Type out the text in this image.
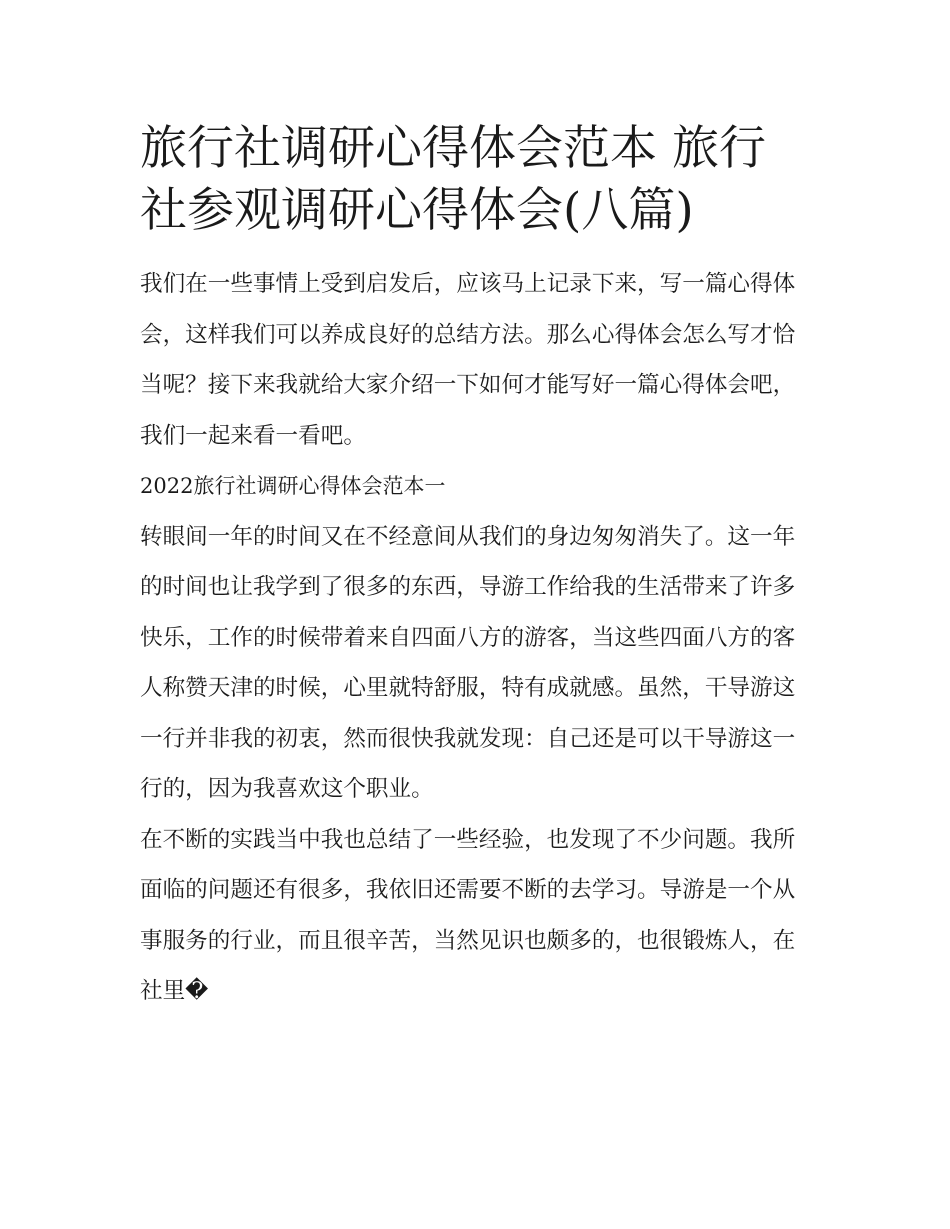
旅行社调研心得体会范本 旅行社参观调研心得体会(八篇)

我们在一些事情上受到启发后，应该马上记录下来，写一篇心得体会，这样我们可以养成良好的总结方法。那么心得体会怎么写才恰当呢？接下来我就给大家介绍一下如何才能写好一篇心得体会吧，我们一起来看一看吧。

2022旅行社调研心得体会范本一

转眼间一年的时间又在不经意间从我们的身边匆匆消失了。这一年的时间也让我学到了很多的东西，导游工作给我的生活带来了许多快乐，工作的时候带着来自四面八方的游客，当这些四面八方的客人称赞天津的时候，心里就特舒服，特有成就感。虽然，干导游这一行并非我的初衷，然而很快我就发现：自己还是可以干导游这一行的，因为我喜欢这个职业。

在不断的实践当中我也总结了一些经验，也发现了不少问题。我所面临的问题还有很多，我依旧还需要不断的去学习。导游是一个从事服务的行业，而且很辛苦，当然见识也颇多的，也很锻炼人，在社里�
